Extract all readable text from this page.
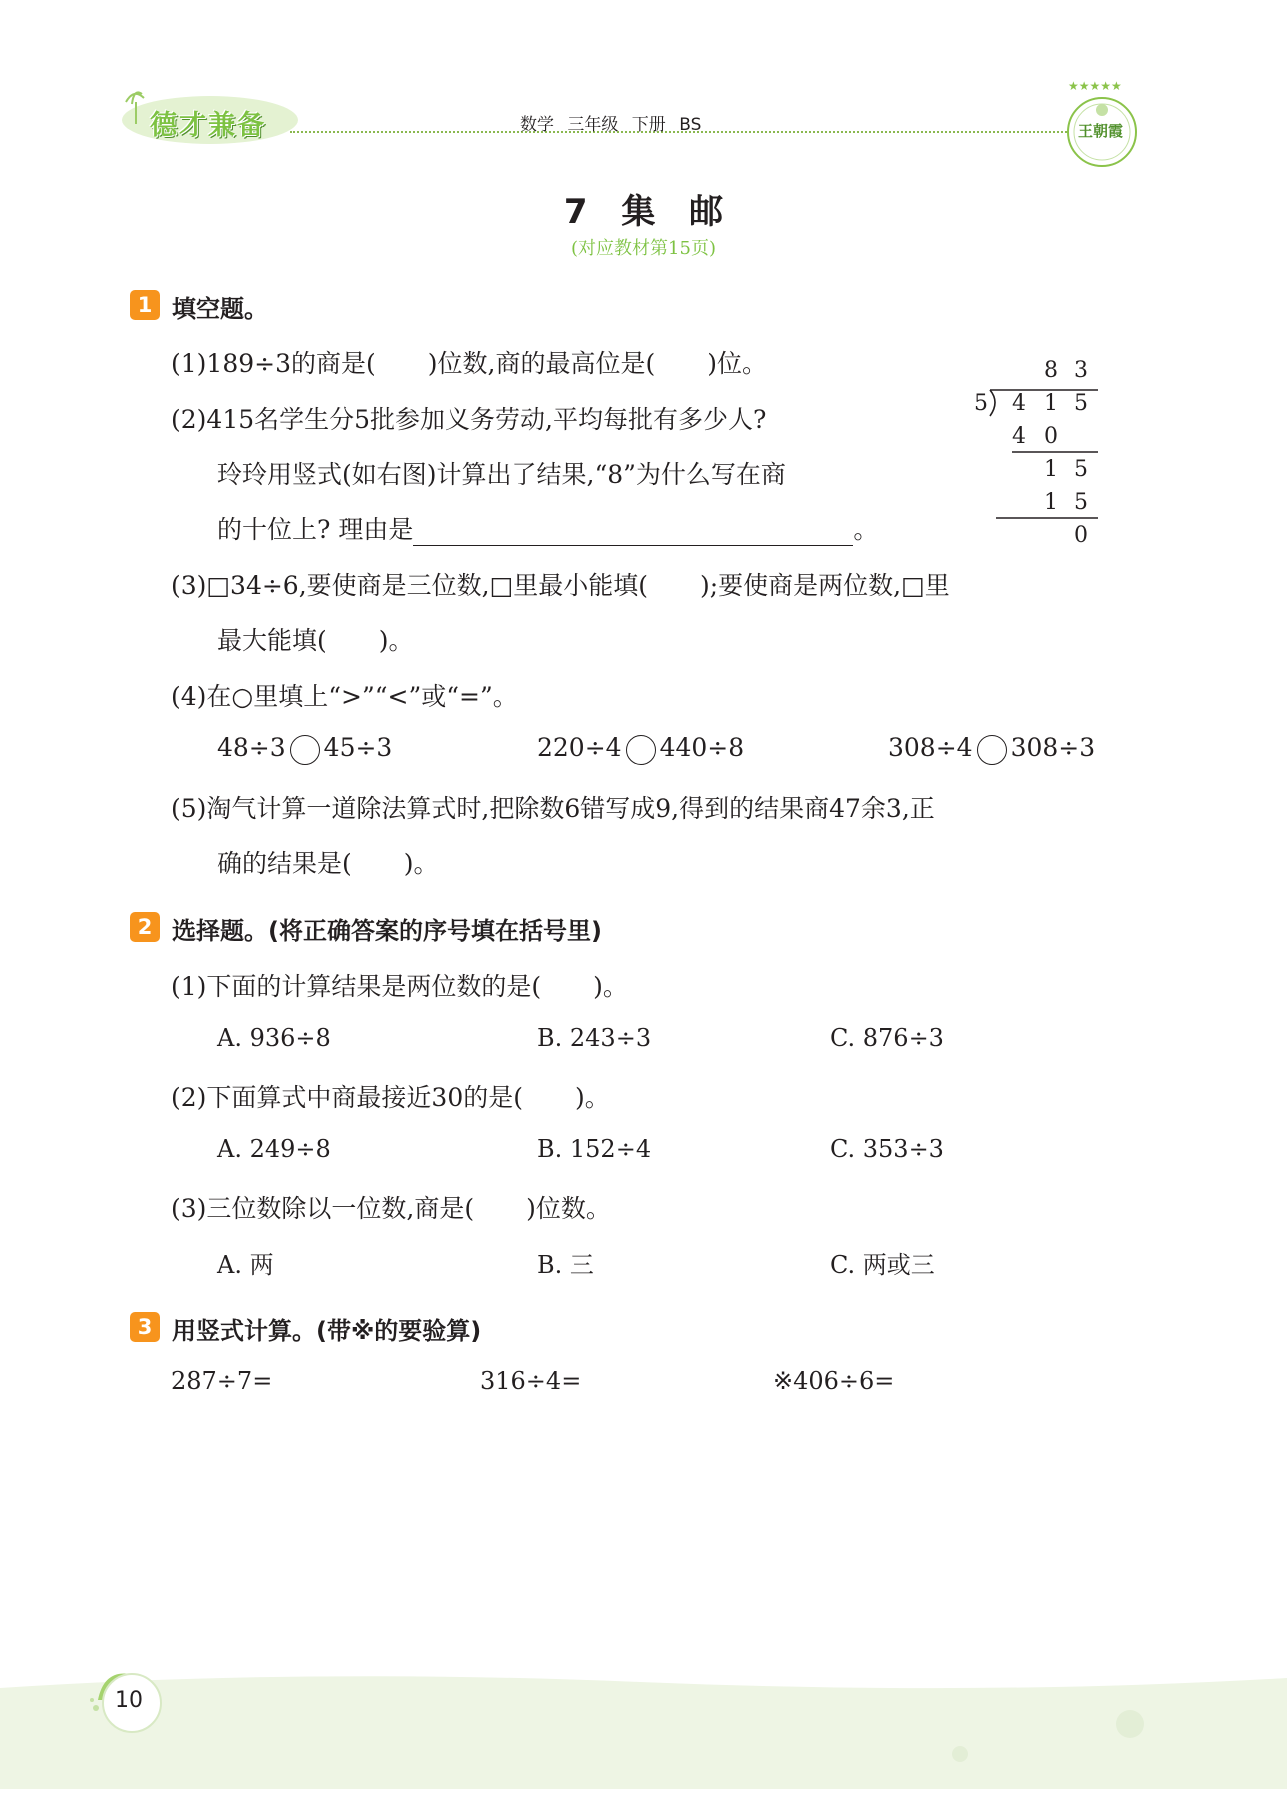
德才兼备	数学 三年级 下册 BS
★★★★★
王朝霞
7 集 邮
(对应教材第15页)
1 填空题。
(1)189÷3的商是( )位数,商的最高位是( )位。
(2)415名学生分5批参加义务劳动,平均每批有多少人?
玲玲用竖式(如右图)计算出了结果,“8”为什么写在商
的十位上? 理由是	。
8 3
5 4 1 5
4 0
1 5
1 5
0
(3)□34÷6,要使商是三位数,□里最小能填( );要使商是两位数,□里
最大能填( )。
(4)在○里填上“>”“<”或“=”。
48÷3 45÷3	220÷4 440÷8	308÷4 308÷3
(5)淘气计算一道除法算式时,把除数6错写成9,得到的结果商47余3,正
确的结果是( )。
2 选择题。(将正确答案的序号填在括号里)
(1)下面的计算结果是两位数的是( )。
A. 936÷8	B. 243÷3	C. 876÷3
(2)下面算式中商最接近30的是( )。
A. 249÷8	B. 152÷4	C. 353÷3
(3)三位数除以一位数,商是( )位数。
A. 两	B. 三	C. 两或三
3 用竖式计算。(带※的要验算)
287÷7=	316÷4=	※406÷6=
10
